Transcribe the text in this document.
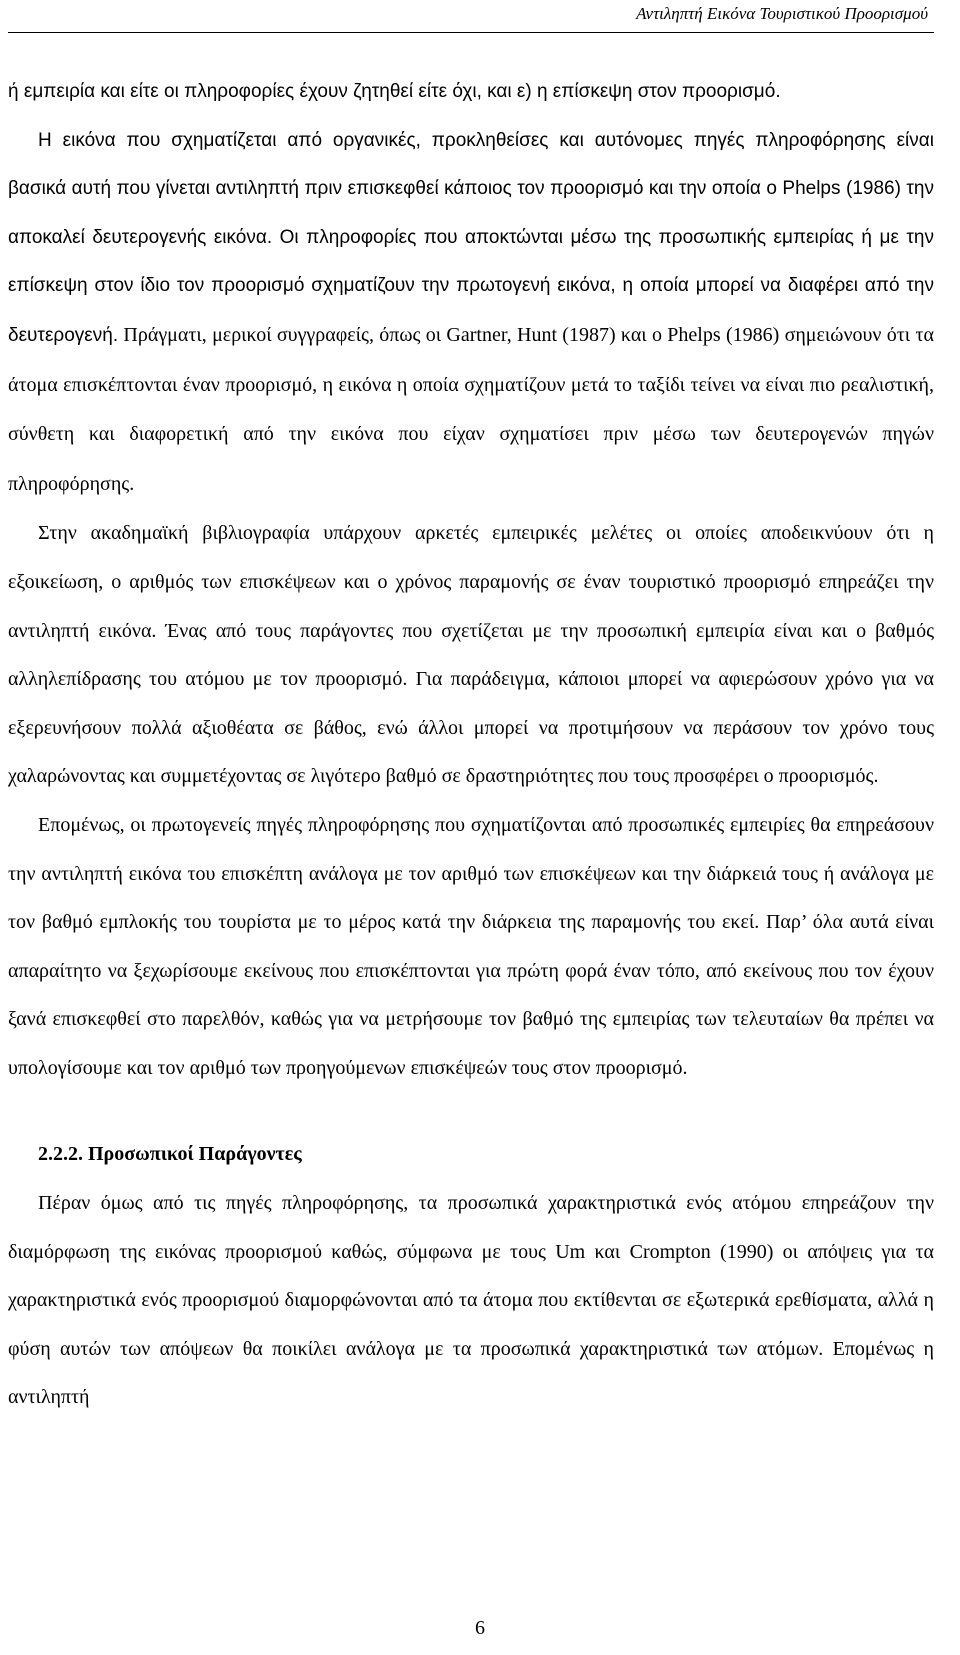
Αντιληπτή Εικόνα Τουριστικού Προορισμού

ή εμπειρία και είτε οι πληροφορίες έχουν ζητηθεί είτε όχι, και ε) η επίσκεψη στον προορισμό.

Η εικόνα που σχηματίζεται από οργανικές, προκληθείσες και αυτόνομες πηγές πληροφόρησης είναι βασικά αυτή που γίνεται αντιληπτή πριν επισκεφθεί κάποιος τον προορισμό και την οποία ο Phelps (1986) την αποκαλεί δευτερογενής εικόνα. Οι πληροφορίες που αποκτώνται μέσω της προσωπικής εμπειρίας ή με την επίσκεψη στον ίδιο τον προορισμό σχηματίζουν την πρωτογενή εικόνα, η οποία μπορεί να διαφέρει από την δευτερογενή. Πράγματι, μερικοί συγγραφείς, όπως οι Gartner, Hunt (1987) και ο Phelps (1986) σημειώνουν ότι τα άτομα επισκέπτονται έναν προορισμό, η εικόνα η οποία σχηματίζουν μετά το ταξίδι τείνει να είναι πιο ρεαλιστική, σύνθετη και διαφορετική από την εικόνα που είχαν σχηματίσει πριν μέσω των δευτερογενών πηγών πληροφόρησης.

Στην ακαδημαϊκή βιβλιογραφία υπάρχουν αρκετές εμπειρικές μελέτες οι οποίες αποδεικνύουν ότι η εξοικείωση, ο αριθμός των επισκέψεων και ο χρόνος παραμονής σε έναν τουριστικό προορισμό επηρεάζει την αντιληπτή εικόνα. Ένας από τους παράγοντες που σχετίζεται με την προσωπική εμπειρία είναι και ο βαθμός αλληλεπίδρασης του ατόμου με τον προορισμό. Για παράδειγμα, κάποιοι μπορεί να αφιερώσουν χρόνο για να εξερευνήσουν πολλά αξιοθέατα σε βάθος, ενώ άλλοι μπορεί να προτιμήσουν να περάσουν τον χρόνο τους χαλαρώνοντας και συμμετέχοντας σε λιγότερο βαθμό σε δραστηριότητες που τους προσφέρει ο προορισμός.

Επομένως, οι πρωτογενείς πηγές πληροφόρησης που σχηματίζονται από προσωπικές εμπειρίες θα επηρεάσουν την αντιληπτή εικόνα του επισκέπτη ανάλογα με τον αριθμό των επισκέψεων και την διάρκειά τους ή ανάλογα με τον βαθμό εμπλοκής του τουρίστα με το μέρος κατά την διάρκεια της παραμονής του εκεί. Παρ’ όλα αυτά είναι απαραίτητο να ξεχωρίσουμε εκείνους που επισκέπτονται για πρώτη φορά έναν τόπο, από εκείνους που τον έχουν ξανά επισκεφθεί στο παρελθόν, καθώς για να μετρήσουμε τον βαθμό της εμπειρίας των τελευταίων θα πρέπει να υπολογίσουμε και τον αριθμό των προηγούμενων επισκέψεών τους στον προορισμό.

2.2.2. Προσωπικοί Παράγοντες

Πέραν όμως από τις πηγές πληροφόρησης, τα προσωπικά χαρακτηριστικά ενός ατόμου επηρεάζουν την διαμόρφωση της εικόνας προορισμού καθώς, σύμφωνα με τους Um και Crompton (1990) οι απόψεις για τα χαρακτηριστικά ενός προορισμού διαμορφώνονται από τα άτομα που εκτίθενται σε εξωτερικά ερεθίσματα, αλλά η φύση αυτών των απόψεων θα ποικίλει ανάλογα με τα προσωπικά χαρακτηριστικά των ατόμων. Επομένως η αντιληπτή

6
